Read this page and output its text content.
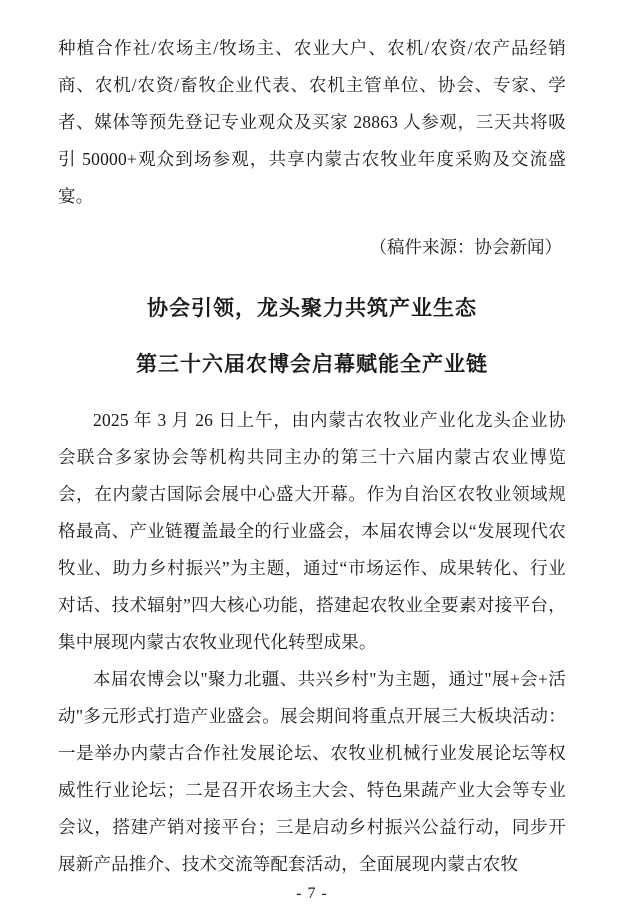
种植合作社/农场主/牧场主、农业大户、农机/农资/农产品经销商、农机/农资/畜牧企业代表、农机主管单位、协会、专家、学者、媒体等预先登记专业观众及买家 28863 人参观，三天共将吸引 50000+观众到场参观，共享内蒙古农牧业年度采购及交流盛宴。

（稿件来源：协会新闻）

协会引领，龙头聚力共筑产业生态
第三十六届农博会启幕赋能全产业链

2025 年 3 月 26 日上午，由内蒙古农牧业产业化龙头企业协会联合多家协会等机构共同主办的第三十六届内蒙古农业博览会，在内蒙古国际会展中心盛大开幕。作为自治区农牧业领域规格最高、产业链覆盖最全的行业盛会，本届农博会以“发展现代农牧业、助力乡村振兴”为主题，通过“市场运作、成果转化、行业对话、技术辐射”四大核心功能，搭建起农牧业全要素对接平台，集中展现内蒙古农牧业现代化转型成果。

本届农博会以"聚力北疆、共兴乡村"为主题，通过"展+会+活动"多元形式打造产业盛会。展会期间将重点开展三大板块活动：一是举办内蒙古合作社发展论坛、农牧业机械行业发展论坛等权威性行业论坛；二是召开农场主大会、特色果蔬产业大会等专业会议，搭建产销对接平台；三是启动乡村振兴公益行动，同步开展新产品推介、技术交流等配套活动，全面展现内蒙古农牧

- 7 -
